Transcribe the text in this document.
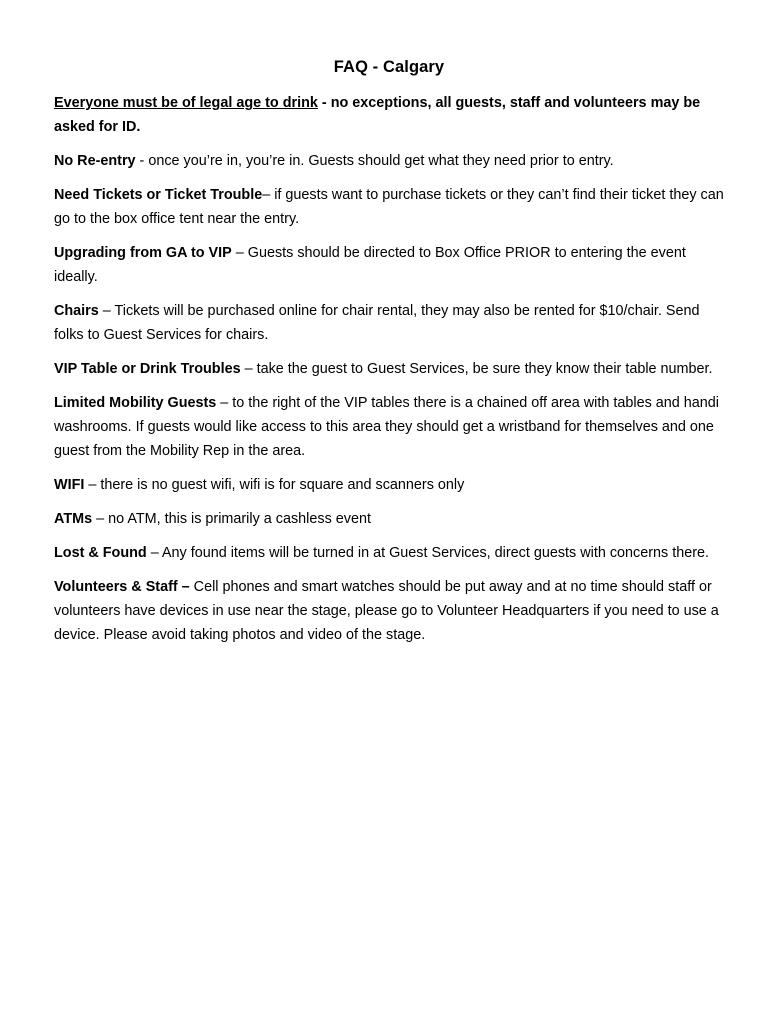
FAQ - Calgary

Everyone must be of legal age to drink - no exceptions, all guests, staff and volunteers may be asked for ID.

No Re-entry - once you’re in, you’re in. Guests should get what they need prior to entry.

Need Tickets or Ticket Trouble– if guests want to purchase tickets or they can’t find their ticket they can go to the box office tent near the entry.

Upgrading from GA to VIP – Guests should be directed to Box Office PRIOR to entering the event ideally.

Chairs – Tickets will be purchased online for chair rental, they may also be rented for $10/chair. Send folks to Guest Services for chairs.

VIP Table or Drink Troubles – take the guest to Guest Services, be sure they know their table number.

Limited Mobility Guests – to the right of the VIP tables there is a chained off area with tables and handi washrooms. If guests would like access to this area they should get a wristband for themselves and one guest from the Mobility Rep in the area.

WIFI – there is no guest wifi, wifi is for square and scanners only

ATMs – no ATM, this is primarily a cashless event

Lost & Found – Any found items will be turned in at Guest Services, direct guests with concerns there.

Volunteers & Staff – Cell phones and smart watches should be put away and at no time should staff or volunteers have devices in use near the stage, please go to Volunteer Headquarters if you need to use a device. Please avoid taking photos and video of the stage.
